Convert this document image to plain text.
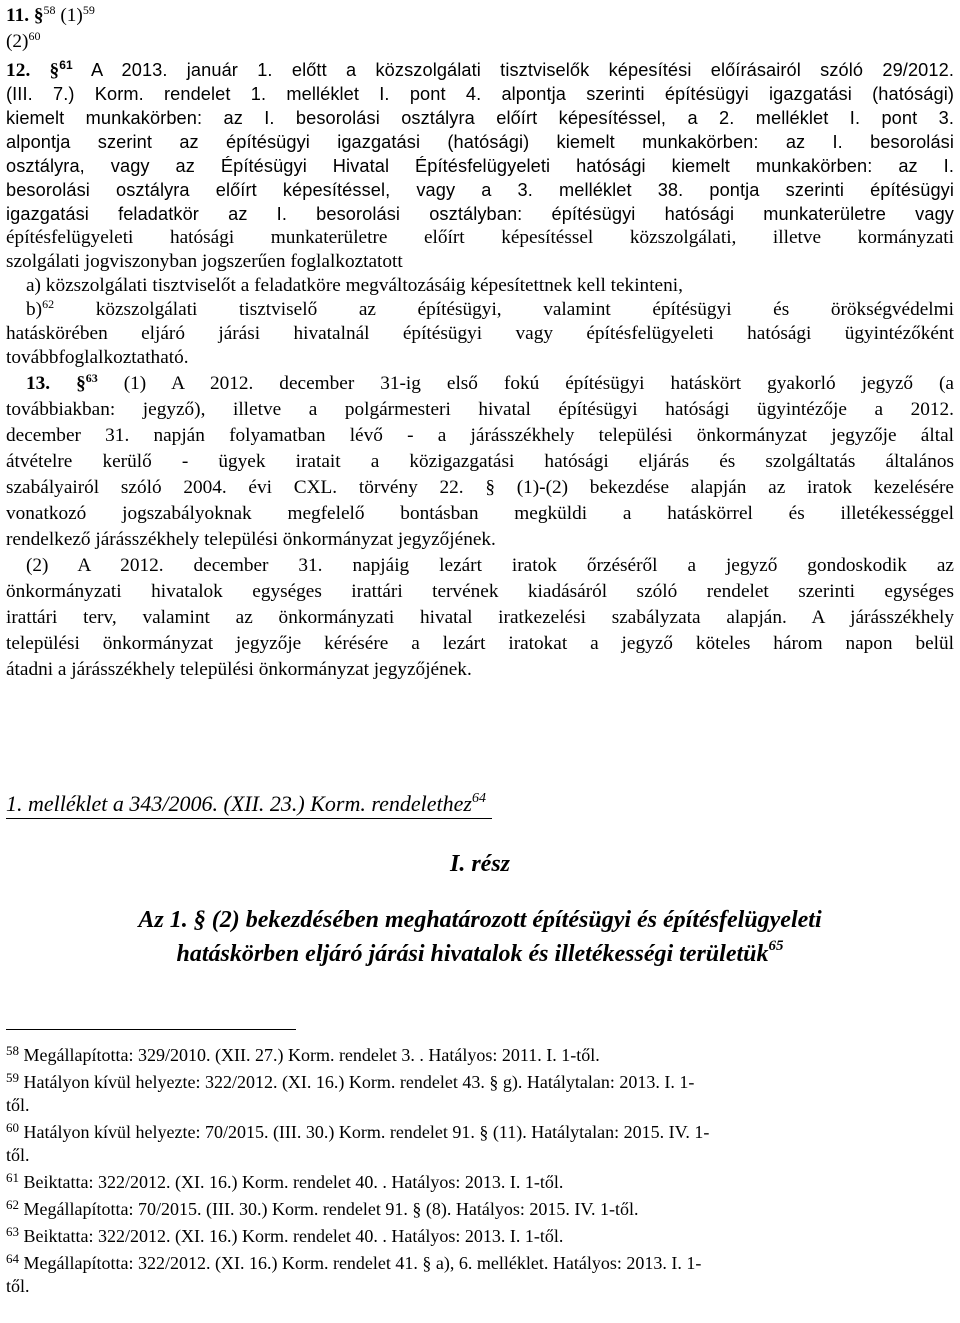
11. §$^{58}$ $(1)^{59}$
$(2)^{60}$
12. §$^{61}$ A 2013. január 1. előtt a közszolgálati tisztviselők képesítési előírásairól szóló 29/2012.
(III. 7.) Korm. rendelet 1. melléklet I. pont 4. alpontja szerinti építésügyi igazgatási (hatósági)
kiemelt munkakörben: az I. besorolási osztályra előírt képesítéssel, a 2. melléklet I. pont 3.
alpontja szerint az építésügyi igazgatási (hatósági) kiemelt munkakörben: az I. besorolási
osztályra, vagy az Építésügyi Hivatal Építésfelügyeleti hatósági kiemelt munkakörben: az I.
besorolási osztályra előírt képesítéssel, vagy a 3. melléklet 38. pontja szerinti építésügyi
igazgatási feladatkör az I. besorolási osztályban: építésügyi hatósági munkaterületre vagy
építésfelügyeleti hatósági munkaterületre előírt képesítéssel közszolgálati, illetve kormányzati
szolgálati jogviszonyban jogszerűen foglalkoztatott
a) közszolgálati tisztviselőt a feladatköre megváltozásáig képesítettnek kell tekinteni,
b)$^{62}$ közszolgálati tisztviselő az építésügyi, valamint építésügyi és örökségvédelmi
hatáskörében eljáró járási hivatalnál építésügyi vagy építésfelügyeleti hatósági ügyintézőként
továbbfoglalkoztatható.
13. §$^{63}$ (1) A 2012. december 31-ig első fokú építésügyi hatáskört gyakorló jegyző (a
továbbiakban: jegyző), illetve a polgármesteri hivatal építésügyi hatósági ügyintézője a 2012.
december 31. napján folyamatban lévő - a járásszékhely települési önkormányzat jegyzője által
átvételre kerülő - ügyek iratait a közigazgatási hatósági eljárás és szolgáltatás általános
szabályairól szóló 2004. évi CXL. törvény 22. § (1)-(2) bekezdése alapján az iratok kezelésére
vonatkozó jogszabályoknak megfelelő bontásban megküldi a hatáskörrel és illetékességgel
rendelkező járásszékhely települési önkormányzat jegyzőjének.
(2) A 2012. december 31. napjáig lezárt iratok őrzéséről a jegyző gondoskodik az
önkormányzati hivatalok egységes irattári tervének kiadásáról szóló rendelet szerinti egységes
irattári terv, valamint az önkormányzati hivatal iratkezelési szabályzata alapján. A járásszékhely
települési önkormányzat jegyzője kérésére a lezárt iratokat a jegyző köteles három napon belül
átadni a járásszékhely települési önkormányzat jegyzőjének.
1. melléklet a 343/2006. (XII. 23.) Korm. rendelethez$^{64}$
I. rész
Az 1. § (2) bekezdésében meghatározott építésügyi és építésfelügyeleti
hatáskörben eljáró járási hivatalok és illetékességi területük$^{65}$
$^{58}$ Megállapította: 329/2010. (XII. 27.) Korm. rendelet 3. . Hatályos: 2011. I. 1-től.
$^{59}$ Hatályon kívül helyezte: 322/2012. (XI. 16.) Korm. rendelet 43. § g). Hatálytalan: 2013. I. 1-
től.
$^{60}$ Hatályon kívül helyezte: 70/2015. (III. 30.) Korm. rendelet 91. § (11). Hatálytalan: 2015. IV. 1-
től.
$^{61}$ Beiktatta: 322/2012. (XI. 16.) Korm. rendelet 40. . Hatályos: 2013. I. 1-től.
$^{62}$ Megállapította: 70/2015. (III. 30.) Korm. rendelet 91. § (8). Hatályos: 2015. IV. 1-től.
$^{63}$ Beiktatta: 322/2012. (XI. 16.) Korm. rendelet 40. . Hatályos: 2013. I. 1-től.
$^{64}$ Megállapította: 322/2012. (XI. 16.) Korm. rendelet 41. § a), 6. melléklet. Hatályos: 2013. I. 1-
től.
